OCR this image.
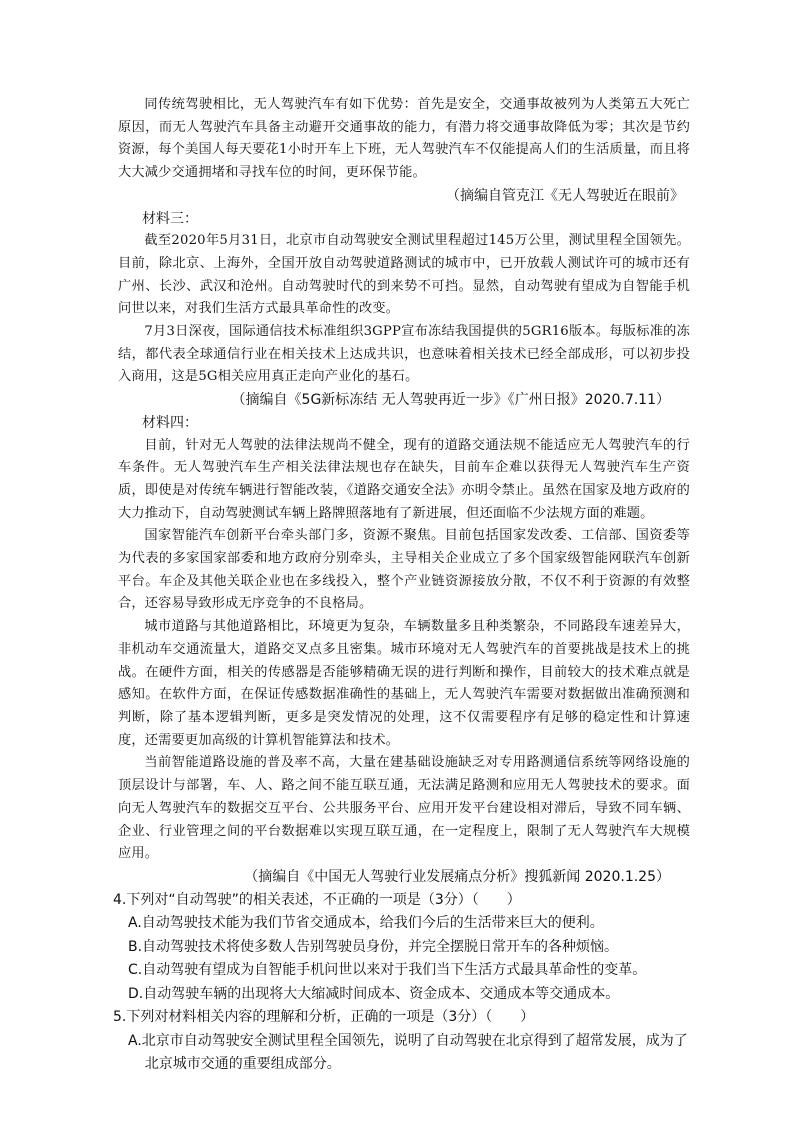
同传统驾驶相比，无人驾驶汽车有如下优势：首先是安全，交通事故被列为人类第五大死亡原因，而无人驾驶汽车具备主动避开交通事故的能力，有潜力将交通事故降低为零；其次是节约资源，每个美国人每天要花1小时开车上下班，无人驾驶汽车不仅能提高人们的生活质量，而且将大大减少交通拥堵和寻找车位的时间，更环保节能。

（摘编自管克江《无人驾驶近在眼前》

材料三：

截至2020年5月31日，北京市自动驾驶安全测试里程超过145万公里，测试里程全国领先。目前，除北京、上海外，全国开放自动驾驶道路测试的城市中，已开放载人测试许可的城市还有广州、长沙、武汉和沧州。自动驾驶时代的到来势不可挡。显然，自动驾驶有望成为自智能手机问世以来，对我们生活方式最具革命性的改变。

7月3日深夜，国际通信技术标准组织3GPP宣布冻结我国提供的5GR16版本。每版标准的冻结，都代表全球通信行业在相关技术上达成共识，也意味着相关技术已经全部成形，可以初步投入商用，这是5G相关应用真正走向产业化的基石。

（摘编自《5G新标冻结 无人驾驶再近一步》《广州日报》2020.7.11）

材料四：

目前，针对无人驾驶的法律法规尚不健全，现有的道路交通法规不能适应无人驾驶汽车的行车条件。无人驾驶汽车生产相关法律法规也存在缺失，目前车企难以获得无人驾驶汽车生产资质，即使是对传统车辆进行智能改装，《道路交通安全法》亦明令禁止。虽然在国家及地方政府的大力推动下，自动驾驶测试车辆上路牌照落地有了新进展，但还面临不少法规方面的难题。

国家智能汽车创新平台牵头部门多，资源不聚焦。目前包括国家发改委、工信部、国资委等为代表的多家国家部委和地方政府分别牵头，主导相关企业成立了多个国家级智能网联汽车创新平台。车企及其他关联企业也在多线投入，整个产业链资源接放分散，不仅不利于资源的有效整合，还容易导致形成无序竞争的不良格局。

城市道路与其他道路相比，环境更为复杂，车辆数量多且种类繁杂，不同路段车速差异大，非机动车交通流量大，道路交叉点多且密集。城市环境对无人驾驶汽车的首要挑战是技术上的挑战。在硬件方面，相关的传感器是否能够精确无误的进行判断和操作，目前较大的技术难点就是感知。在软件方面，在保证传感数据准确性的基础上，无人驾驶汽车需要对数据做出准确预测和判断，除了基本逻辑判断，更多是突发情况的处理，这不仅需要程序有足够的稳定性和计算速度，还需要更加高级的计算机智能算法和技术。

当前智能道路设施的普及率不高，大量在建基础设施缺乏对专用路测通信系统等网络设施的顶层设计与部署，车、人、路之间不能互联互通，无法满足路测和应用无人驾驶技术的要求。面向无人驾驶汽车的数据交互平台、公共服务平台、应用开发平台建设相对滞后，导致不同车辆、企业、行业管理之间的平台数据难以实现互联互通，在一定程度上，限制了无人驾驶汽车大规模应用。

（摘编自《中国无人驾驶行业发展痛点分析》搜狐新闻 2020.1.25）

4.下列对“自动驾驶”的相关表述，不正确的一项是（3分）（　　）

A.自动驾驶技术能为我们节省交通成本，给我们今后的生活带来巨大的便利。

B.自动驾驶技术将使多数人告别驾驶员身份，并完全摆脱日常开车的各种烦恼。

C.自动驾驶有望成为自智能手机问世以来对于我们当下生活方式最具革命性的变革。

D.自动驾驶车辆的出现将大大缩减时间成本、资金成本、交通成本等交通成本。

5.下列对材料相关内容的理解和分析，正确的一项是（3分）（　　）

A.北京市自动驾驶安全测试里程全国领先，说明了自动驾驶在北京得到了超常发展，成为了北京城市交通的重要组成部分。
